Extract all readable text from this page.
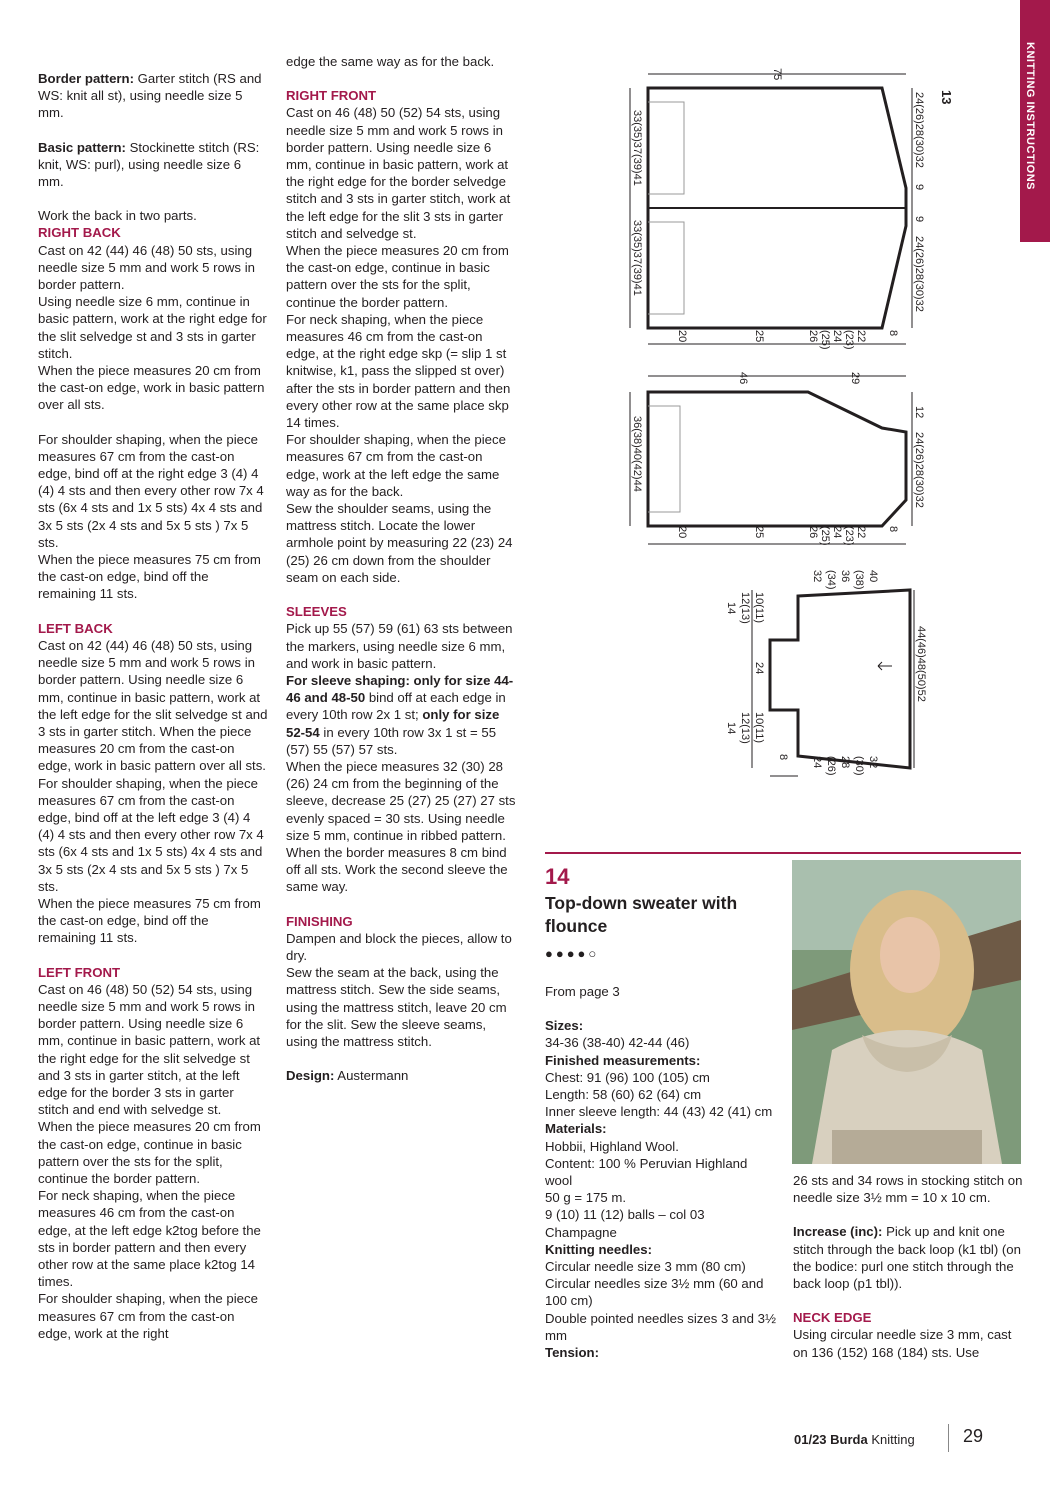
KNITTING INSTRUCTIONS

Border pattern: Garter stitch (RS and WS: knit all st), using needle size 5 mm.

Basic pattern: Stockinette stitch (RS: knit, WS: purl), using needle size 6 mm.

Work the back in two parts.

RIGHT BACK

Cast on 42 (44) 46 (48) 50 sts, using needle size 5 mm and work 5 rows in border pattern.

Using needle size 6 mm, continue in basic pattern, work at the right edge for the slit selvedge st and 3 sts in garter stitch.

When the piece measures 20 cm from the cast-on edge, work in basic pattern over all sts.

For shoulder shaping, when the piece measures 67 cm from the cast-on edge, bind off at the right edge 3 (4) 4 (4) 4 sts and then every other row 7x 4 sts (6x 4 sts and 1x 5 sts) 4x 4 sts and 3x 5 sts (2x 4 sts and 5x 5 sts ) 7x 5 sts.

When the piece measures 75 cm from the cast-on edge, bind off the remaining 11 sts.

LEFT BACK

Cast on 42 (44) 46 (48) 50 sts, using needle size 5 mm and work 5 rows in border pattern. Using needle size 6 mm, continue in basic pattern, work at the left edge for the slit selvedge st and 3 sts in garter stitch. When the piece measures 20 cm from the cast-on edge, work in basic pattern over all sts.

For shoulder shaping, when the piece measures 67 cm from the cast-on edge, bind off at the left edge 3 (4) 4 (4) 4 sts and then every other row 7x 4 sts (6x 4 sts and 1x 5 sts) 4x 4 sts and 3x 5 sts (2x 4 sts and 5x 5 sts ) 7x 5 sts.

When the piece measures 75 cm from the cast-on edge, bind off the remaining 11 sts.

LEFT FRONT

Cast on 46 (48) 50 (52) 54 sts, using needle size 5 mm and work 5 rows in border pattern. Using needle size 6 mm, continue in basic pattern, work at the right edge for the slit selvedge st and 3 sts in garter stitch, at the left edge for the border 3 sts in garter stitch and end with selvedge st.

When the piece measures 20 cm from the cast-on edge, continue in basic pattern over the sts for the split, continue the border pattern.

For neck shaping, when the piece measures 46 cm from the cast-on edge, at the left edge k2tog before the sts in border pattern and then every other row at the same place k2tog 14 times.

For shoulder shaping, when the piece measures 67 cm from the cast-on edge, work at the right

edge the same way as for the back.

RIGHT FRONT

Cast on 46 (48) 50 (52) 54 sts, using needle size 5 mm and work 5 rows in border pattern. Using needle size 6 mm, continue in basic pattern, work at the right edge for the border selvedge stitch and 3 sts in garter stitch, work at the left edge for the slit 3 sts in garter stitch and selvedge st.

When the piece measures 20 cm from the cast-on edge, continue in basic pattern over the sts for the split, continue the border pattern.

For neck shaping, when the piece measures 46 cm from the cast-on edge, at the right edge skp (= slip 1 st knitwise, k1, pass the slipped st over) after the sts in border pattern and then every other row at the same place skp 14 times.

For shoulder shaping, when the piece measures 67 cm from the cast-on edge, work at the left edge the same way as for the back.

Sew the shoulder seams, using the mattress stitch. Locate the lower armhole point by measuring 22 (23) 24 (25) 26 cm down from the shoulder seam on each side.

SLEEVES

Pick up 55 (57) 59 (61) 63 sts between the markers, using needle size 6 mm, and work in basic pattern.

For sleeve shaping: only for size 44-46 and 48-50 bind off at each edge in every 10th row 2x 1 st; only for size 52-54 in every 10th row 3x 1 st = 55 (57) 55 (57) 57 sts.

When the piece measures 32 (30) 28 (26) 24 cm from the beginning of the sleeve, decrease 25 (27) 25 (27) 27 sts evenly spaced = 30 sts. Using needle size 5 mm, continue in ribbed pattern. When the border measures 8 cm bind off all sts. Work the second sleeve the same way.

FINISHING

Dampen and block the pieces, allow to dry.

Sew the seam at the back, using the mattress stitch. Sew the side seams, using the mattress stitch, leave 20 cm for the slit. Sew the sleeve seams, using the mattress stitch.

Design: Austermann

33(35)37(39)41
33(35)37(39)41
75
24(26)28(30)32
9
9
24(26)28(30)32
20	25	26 (25) 24 (23) 22 8
13
36(38)40(42)44
46	29
12
24(26)28(30)32
20	25	26 (25) 24 (23) 22 8
44(46)48(50)52
40
(38)
36
(34)
32
32
(30)
28
(26)
24
10(11)
12(13)
14
10(11)
12(13)
14
24
8
14
Top-down sweater with flounce
●●●●○

From page 3

Sizes:
34-36 (38-40) 42-44 (46)
Finished measurements:
Chest: 91 (96) 100 (105) cm
Length: 58 (60) 62 (64) cm
Inner sleeve length: 44 (43) 42 (41) cm
Materials:
Hobbii, Highland Wool.
Content: 100 % Peruvian Highland wool
50 g = 175 m.
9 (10) 11 (12) balls – col 03 Champagne
Knitting needles:
Circular needle size 3 mm (80 cm)
Circular needles size 3½ mm (60 and 100 cm)
Double pointed needles sizes 3 and 3½ mm
Tension:

26 sts and 34 rows in stocking stitch on needle size 3½ mm = 10 x 10 cm.

Increase (inc): Pick up and knit one stitch through the back loop (k1 tbl) (on the bodice: purl one stitch through the back loop (p1 tbl)).

NECK EDGE

Using circular needle size 3 mm, cast on 136 (152) 168 (184) sts. Use

01/23 Burda Knitting	29
